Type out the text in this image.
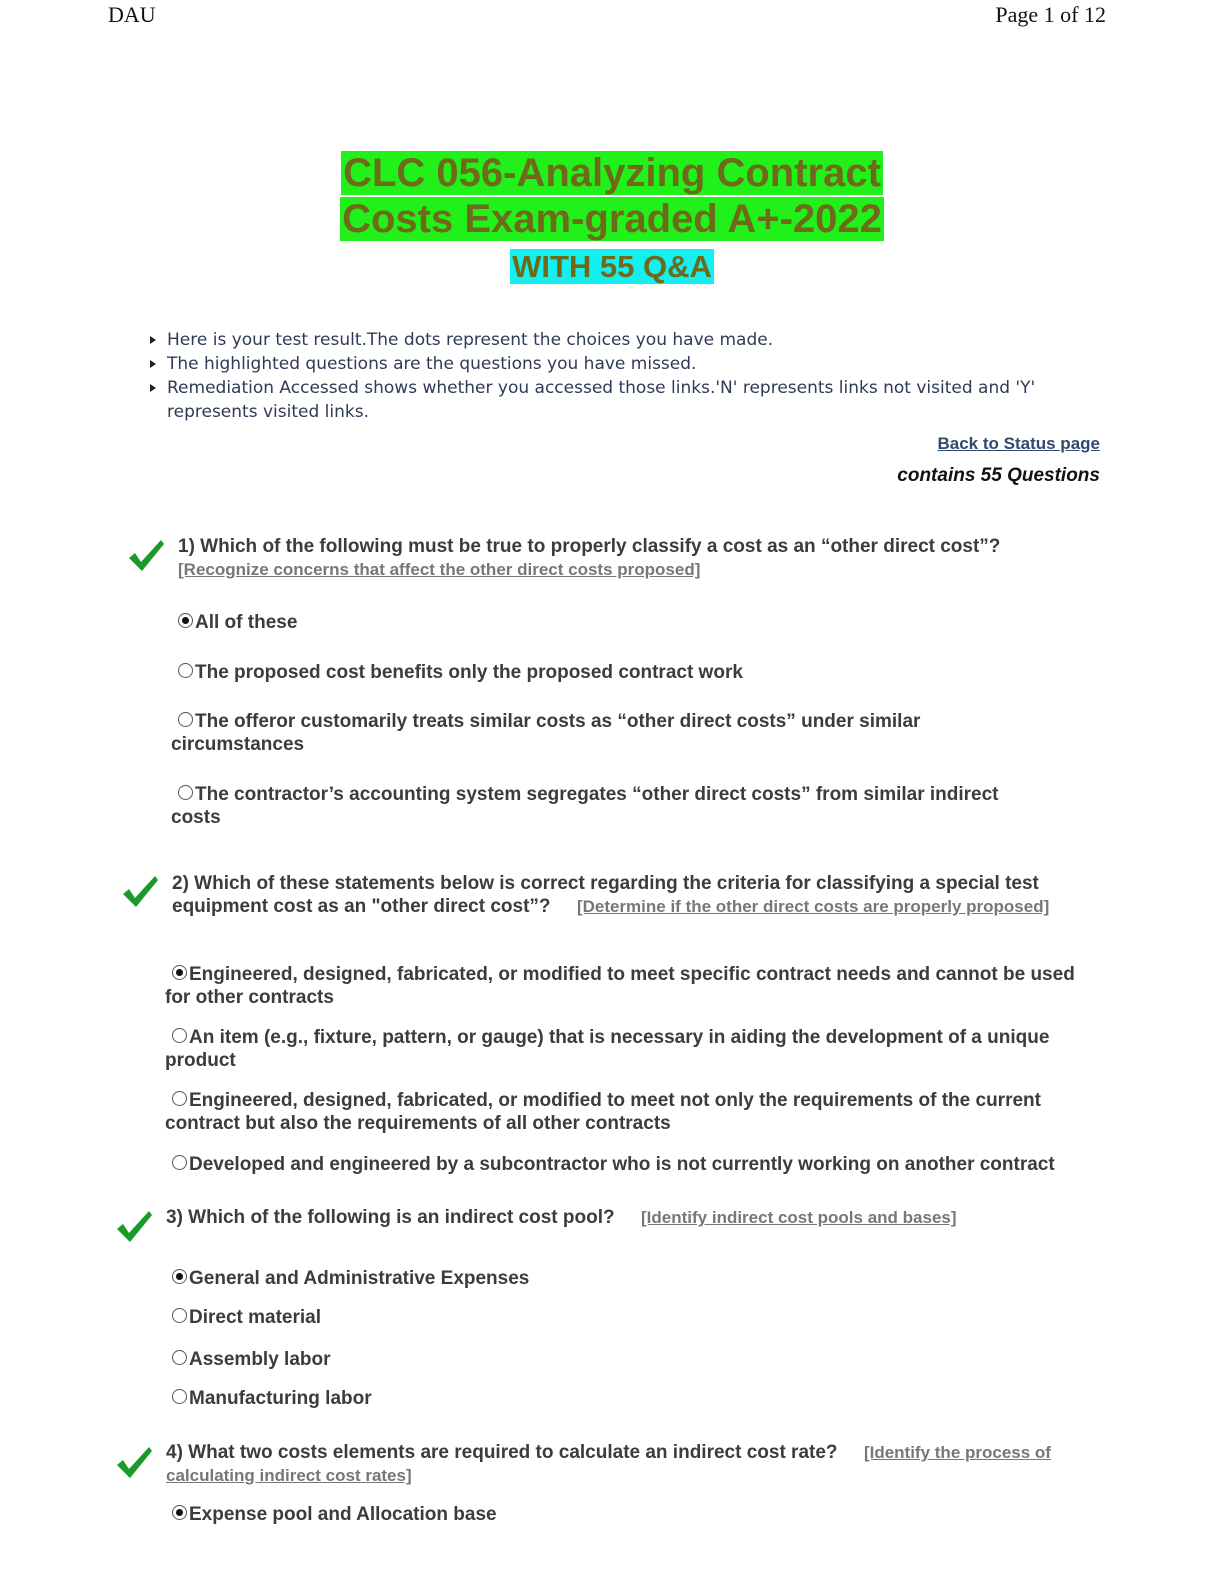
DAU	Page 1 of 12
CLC 056-Analyzing Contract
Costs Exam-graded A+-2022
WITH 55 Q&A
Here is your test result.The dots represent the choices you have made.
The highlighted questions are the questions you have missed.
Remediation Accessed shows whether you accessed those links.'N' represents links not visited and 'Y' represents visited links.
Back to Status page
contains 55 Questions
1) Which of the following must be true to properly classify a cost as an “other direct cost”?
[Recognize concerns that affect the other direct costs proposed]
All of these
The proposed cost benefits only the proposed contract work
The offeror customarily treats similar costs as “other direct costs” under similar circumstances
The contractor’s accounting system segregates “other direct costs” from similar indirect costs
2) Which of these statements below is correct regarding the criteria for classifying a special test equipment cost as an "other direct cost”? [Determine if the other direct costs are properly proposed]
Engineered, designed, fabricated, or modified to meet specific contract needs and cannot be used for other contracts
An item (e.g., fixture, pattern, or gauge) that is necessary in aiding the development of a unique product
Engineered, designed, fabricated, or modified to meet not only the requirements of the current contract but also the requirements of all other contracts
Developed and engineered by a subcontractor who is not currently working on another contract
3) Which of the following is an indirect cost pool? [Identify indirect cost pools and bases]
General and Administrative Expenses
Direct material
Assembly labor
Manufacturing labor
4) What two costs elements are required to calculate an indirect cost rate? [Identify the process of calculating indirect cost rates]
Expense pool and Allocation base
